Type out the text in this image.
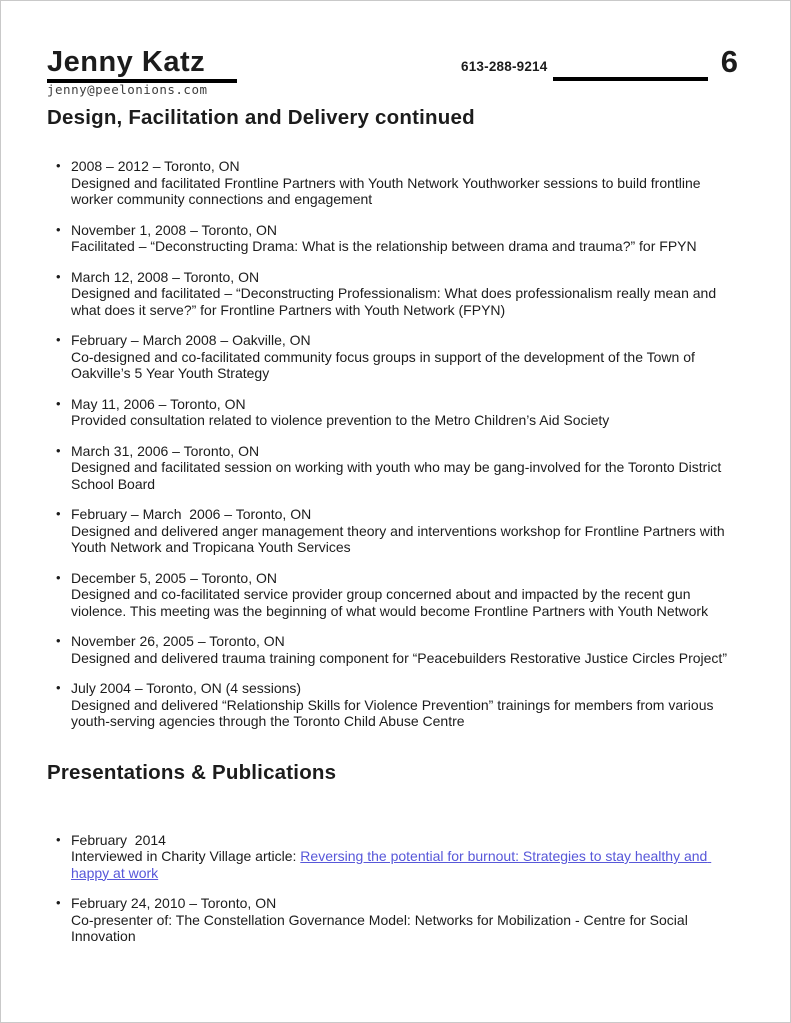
Jenny Katz
jenny@peelonions.com
613-288-9214	6
Design, Facilitation and Delivery continued
• 2008 – 2012 – Toronto, ON
Designed and facilitated Frontline Partners with Youth Network Youthworker sessions to build frontline worker community connections and engagement
• November 1, 2008 – Toronto, ON
Facilitated – “Deconstructing Drama: What is the relationship between drama and trauma?” for FPYN
• March 12, 2008 – Toronto, ON
Designed and facilitated – “Deconstructing Professionalism: What does professionalism really mean and what does it serve?” for Frontline Partners with Youth Network (FPYN)
• February – March 2008 – Oakville, ON
Co-designed and co-facilitated community focus groups in support of the development of the Town of Oakville’s 5 Year Youth Strategy
• May 11, 2006 – Toronto, ON
Provided consultation related to violence prevention to the Metro Children’s Aid Society
• March 31, 2006 – Toronto, ON
Designed and facilitated session on working with youth who may be gang-involved for the Toronto District School Board
• February – March  2006 – Toronto, ON
Designed and delivered anger management theory and interventions workshop for Frontline Partners with Youth Network and Tropicana Youth Services
• December 5, 2005 – Toronto, ON
Designed and co-facilitated service provider group concerned about and impacted by the recent gun violence. This meeting was the beginning of what would become Frontline Partners with Youth Network
• November 26, 2005 – Toronto, ON
Designed and delivered trauma training component for “Peacebuilders Restorative Justice Circles Project”
• July 2004 – Toronto, ON (4 sessions)
Designed and delivered “Relationship Skills for Violence Prevention” trainings for members from various youth-serving agencies through the Toronto Child Abuse Centre
Presentations & Publications
• February  2014
Interviewed in Charity Village article: Reversing the potential for burnout: Strategies to stay healthy and happy at work
• February 24, 2010 – Toronto, ON
Co-presenter of: The Constellation Governance Model: Networks for Mobilization - Centre for Social Innovation
